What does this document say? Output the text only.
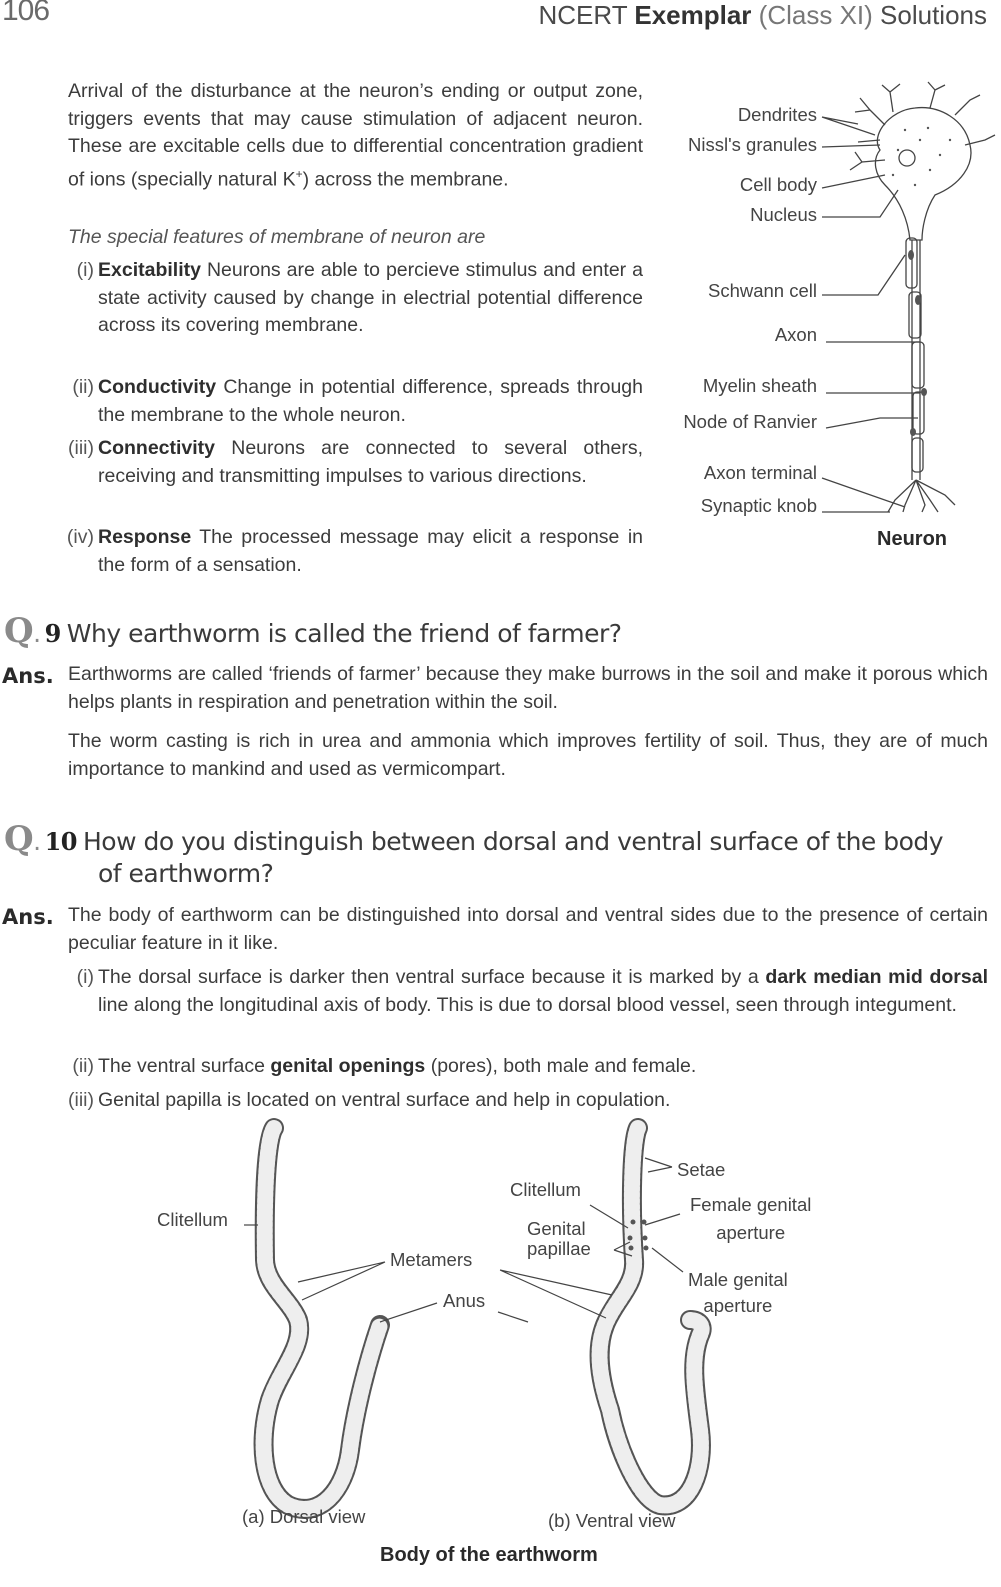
106	NCERT Exemplar (Class XI) Solutions
Arrival of the disturbance at the neuron’s ending or output zone, triggers events that may cause stimulation of adjacent neuron. These are excitable cells due to differential concentration gradient of ions (specially natural K+) across the membrane.
The special features of membrane of neuron are
(i) Excitability Neurons are able to percieve stimulus and enter a state activity caused by change in electrial potential difference across its covering membrane.
(ii) Conductivity Change in potential difference, spreads through the membrane to the whole neuron.
(iii) Connectivity Neurons are connected to several others, receiving and transmitting impulses to various directions.
(iv) Response The processed message may elicit a response in the form of a sensation.
Dendrites
Nissl's granules
Cell body
Nucleus
Schwann cell
Axon
Myelin sheath
Node of Ranvier
Axon terminal
Synaptic knob
Neuron
Q. 9 Why earthworm is called the friend of farmer?
Ans. Earthworms are called ‘friends of farmer’ because they make burrows in the soil and make it porous which helps plants in respiration and penetration within the soil.
The worm casting is rich in urea and ammonia which improves fertility of soil. Thus, they are of much importance to mankind and used as vermicompart.
Q. 10 How do you distinguish between dorsal and ventral surface of the body
of earthworm?
Ans. The body of earthworm can be distinguished into dorsal and ventral sides due to the presence of certain peculiar feature in it like.
(i) The dorsal surface is darker then ventral surface because it is marked by a dark median mid dorsal line along the longitudinal axis of body. This is due to dorsal blood vessel, seen through integument.
(ii) The ventral surface genital openings (pores), both male and female.
(iii) Genital papilla is located on ventral surface and help in copulation.
Clitellum
Metamers
Anus
Clitellum
Genital
papillae
Setae
Female genital
aperture
Male genital
aperture
(a) Dorsal view	(b) Ventral view
Body of the earthworm
